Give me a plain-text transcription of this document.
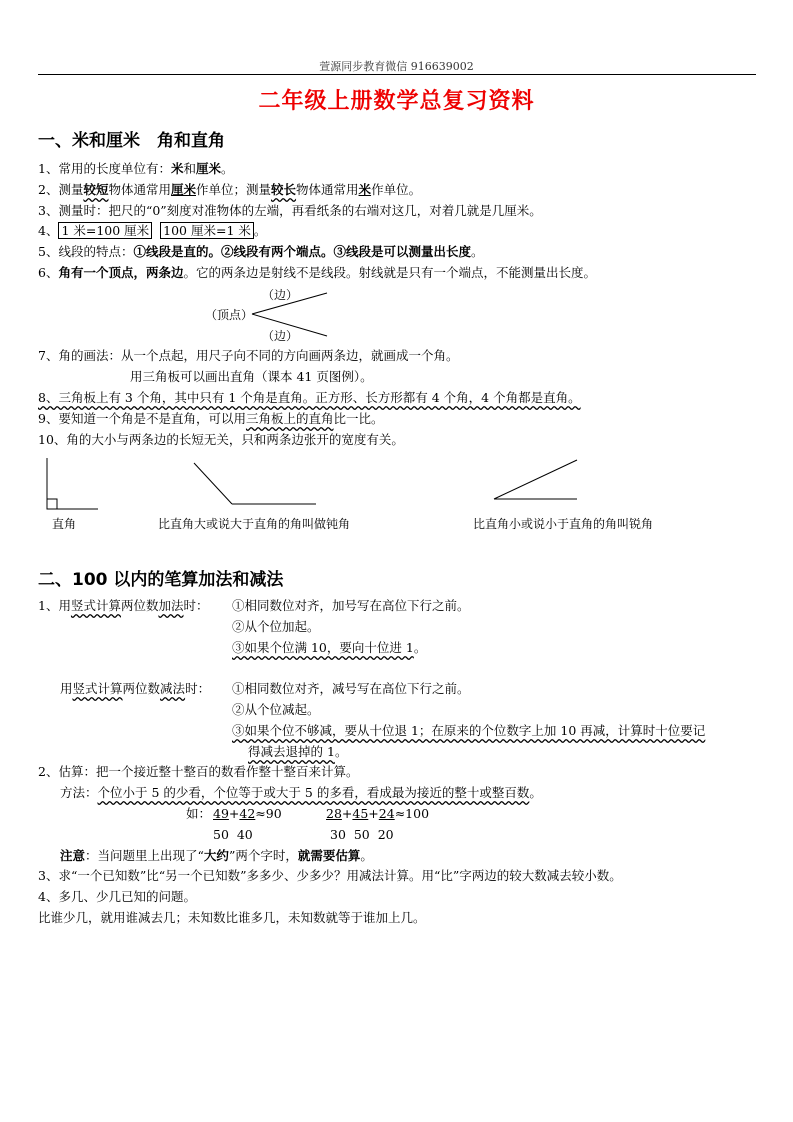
萱源同步教育微信 916639002
二年级上册数学总复习资料
一、米和厘米　角和直角
1、常用的长度单位有：米和厘米。
2、测量较短物体通常用厘米作单位；测量较长物体通常用米作单位。
3、测量时：把尺的“0”刻度对准物体的左端，再看纸条的右端对这几，对着几就是几厘米。
4、 1 米=100 厘米 100 厘米=1 米 。
5、线段的特点：①线段是直的。②线段有两个端点。③线段是可以测量出长度。
6、角有一个顶点，两条边。它的两条边是射线不是线段。射线就是只有一个端点，不能测量出长度。
（边）
（顶点）
（边）
7、角的画法：从一个点起，用尺子向不同的方向画两条边，就画成一个角。
用三角板可以画出直角（课本 41 页图例）。
8、三角板上有 3 个角，其中只有 1 个角是直角。正方形、长方形都有 4 个角，4 个角都是直角。
9、要知道一个角是不是直角，可以用三角板上的直角比一比。
10、角的大小与两条边的长短无关，只和两条边张开的宽度有关。
直角	比直角大或说大于直角的角叫做钝角	比直角小或说小于直角的角叫锐角
二、100 以内的笔算加法和减法
1、用竖式计算两位数加法时： ①相同数位对齐，加号写在高位下行之前。
②从个位加起。
③如果个位满 10，要向十位进 1。
用竖式计算两位数减法时： ①相同数位对齐，减号写在高位下行之前。
②从个位减起。
③如果个位不够减，要从十位退 1；在原来的个位数字上加 10 再减，计算时十位要记
得减去退掉的 1。
2、估算：把一个接近整十整百的数看作整十整百来计算。
方法：个位小于 5 的少看，个位等于或大于 5 的多看，看成最为接近的整十或整百数。
如： 49+42≈90	28+45+24≈100
50  40	30  50  20
注意：当问题里上出现了“大约”两个字时，就需要估算。
3、求“一个已知数”比“另一个已知数”多多少、少多少？用减法计算。用“比”字两边的较大数减去较小数。
4、多几、少几已知的问题。
比谁少几，就用谁减去几；未知数比谁多几，未知数就等于谁加上几。
